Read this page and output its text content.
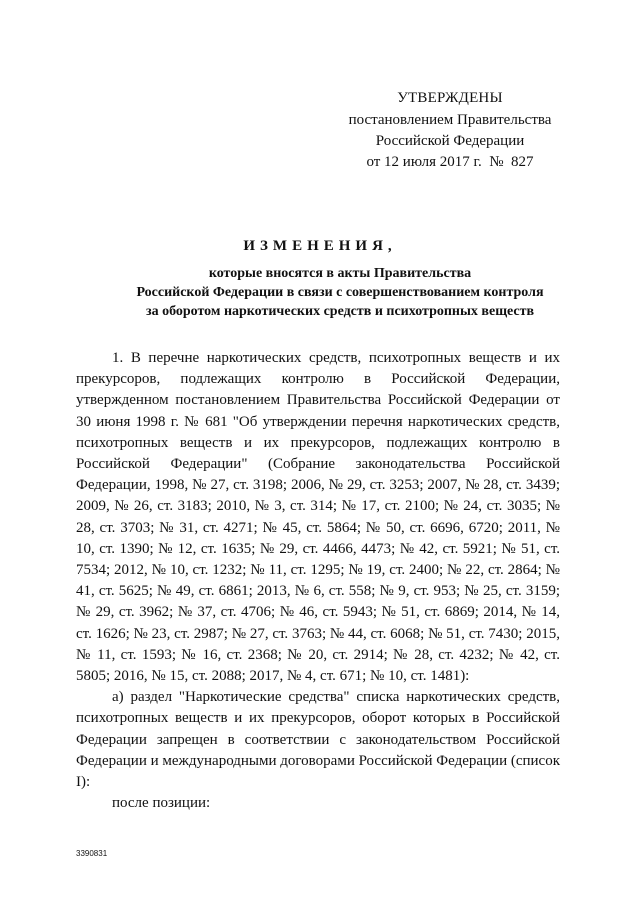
УТВЕРЖДЕНЫ
постановлением Правительства
Российской Федерации
от 12 июля 2017 г.  №  827
ИЗМЕНЕНИЯ,
которые вносятся в акты Правительства
Российской Федерации в связи с совершенствованием контроля
за оборотом наркотических средств и психотропных веществ

1. В перечне наркотических средств, психотропных веществ и их прекурсоров, подлежащих контролю в Российской Федерации, утвержденном постановлением Правительства Российской Федерации от 30 июня 1998 г. № 681 "Об утверждении перечня наркотических средств, психотропных веществ и их прекурсоров, подлежащих контролю в Российской Федерации" (Собрание законодательства Российской Федерации, 1998, № 27, ст. 3198; 2006, № 29, ст. 3253; 2007, № 28, ст. 3439; 2009, № 26, ст. 3183; 2010, № 3, ст. 314; № 17, ст. 2100; № 24, ст. 3035; № 28, ст. 3703; № 31, ст. 4271; № 45, ст. 5864; № 50, ст. 6696, 6720; 2011, № 10, ст. 1390; № 12, ст. 1635; № 29, ст. 4466, 4473; № 42, ст. 5921; № 51, ст. 7534; 2012, № 10, ст. 1232; № 11, ст. 1295; № 19, ст. 2400; № 22, ст. 2864; № 41, ст. 5625; № 49, ст. 6861; 2013, № 6, ст. 558; № 9, ст. 953; № 25, ст. 3159; № 29, ст. 3962; № 37, ст. 4706; № 46, ст. 5943; № 51, ст. 6869; 2014, № 14, ст. 1626; № 23, ст. 2987; № 27, ст. 3763; № 44, ст. 6068; № 51, ст. 7430; 2015, № 11, ст. 1593; № 16, ст. 2368; № 20, ст. 2914; № 28, ст. 4232; № 42, ст. 5805; 2016, № 15, ст. 2088; 2017, № 4, ст. 671; № 10, ст. 1481):

а) раздел "Наркотические средства" списка наркотических средств, психотропных веществ и их прекурсоров, оборот которых в Российской Федерации запрещен в соответствии с законодательством Российской Федерации и международными договорами Российской Федерации (список I):

после позиции:

3390831
